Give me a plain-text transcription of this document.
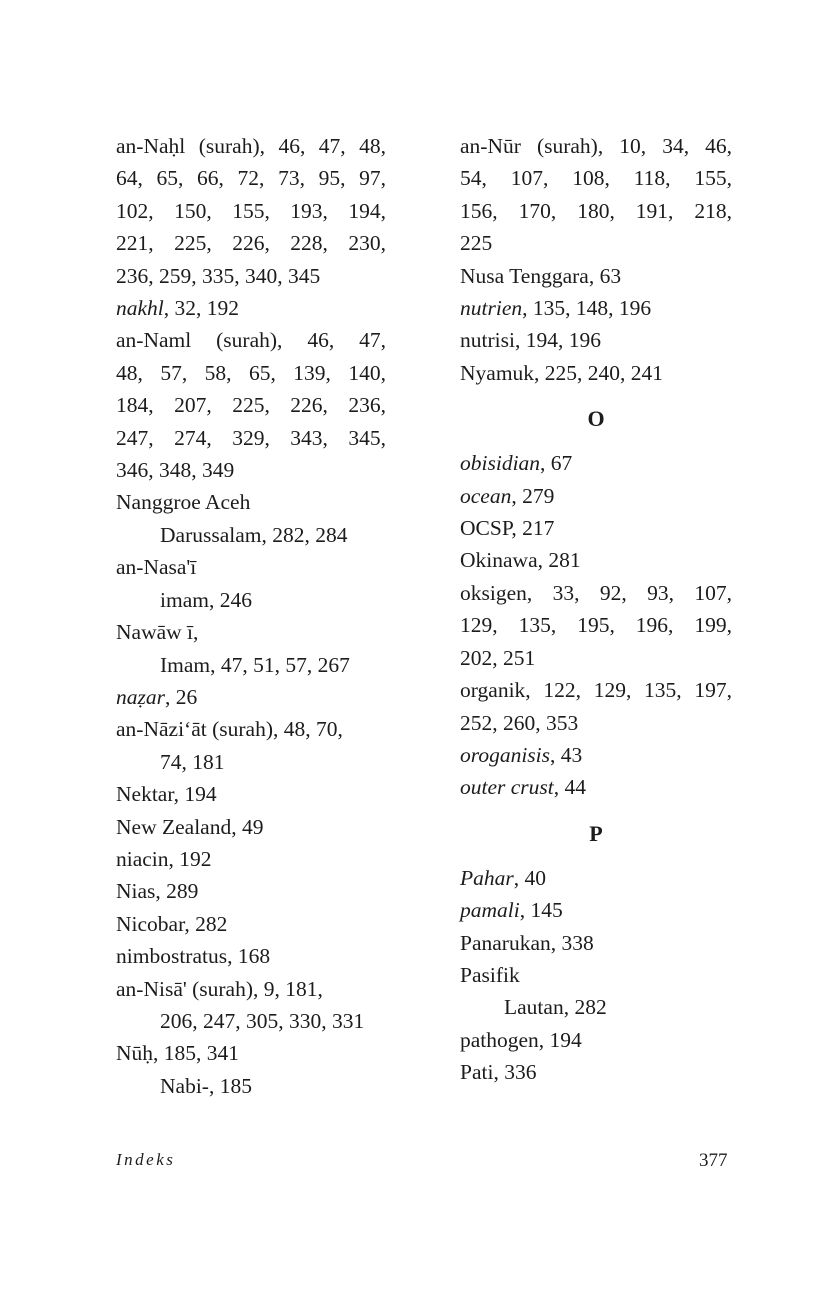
an-Naḥl (surah), 46, 47, 48,
64, 65, 66, 72, 73, 95, 97,
102, 150, 155, 193, 194,
221, 225, 226, 228, 230,
236, 259, 335, 340, 345
nakhl, 32, 192
an-Naml (surah), 46, 47,
48, 57, 58, 65, 139, 140,
184, 207, 225, 226, 236,
247, 274, 329, 343, 345,
346, 348, 349
Nanggroe Aceh
Darussalam, 282, 284
an-Nasa'ī
imam, 246
Nawāw ī,
Imam, 47, 51, 57, 267
naẓar, 26
an-Nāzi‘āt (surah), 48, 70,
74, 181
Nektar, 194
New Zealand, 49
niacin, 192
Nias, 289
Nicobar, 282
nimbostratus, 168
an-Nisā' (surah), 9, 181,
206, 247, 305, 330, 331
Nūḥ, 185, 341
Nabi-, 185
an-Nūr (surah), 10, 34, 46,
54, 107, 108, 118, 155,
156, 170, 180, 191, 218,
225
Nusa Tenggara, 63
nutrien, 135, 148, 196
nutrisi, 194, 196
Nyamuk, 225, 240, 241
O
obisidian, 67
ocean, 279
OCSP, 217
Okinawa, 281
oksigen, 33, 92, 93, 107,
129, 135, 195, 196, 199,
202, 251
organik, 122, 129, 135, 197,
252, 260, 353
oroganisis, 43
outer crust, 44
P
Pahar, 40
pamali, 145
Panarukan, 338
Pasifik
Lautan, 282
pathogen, 194
Pati, 336
Indeks	377
